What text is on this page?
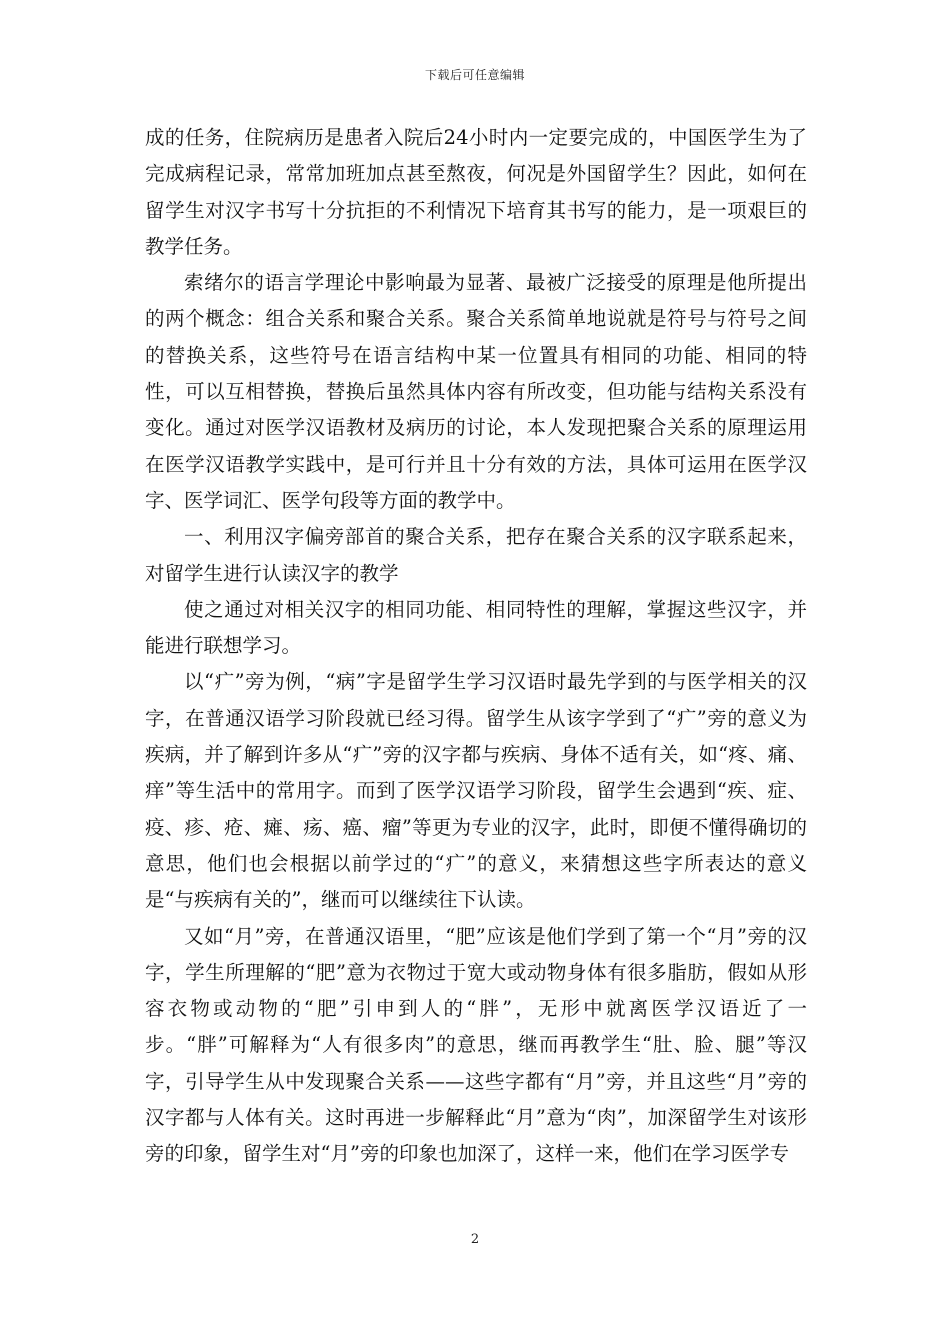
下载后可任意编辑

成的任务，住院病历是患者入院后24小时内一定要完成的，中国医学生为了完成病程记录，常常加班加点甚至熬夜，何况是外国留学生？因此，如何在留学生对汉字书写十分抗拒的不利情况下培育其书写的能力，是一项艰巨的教学任务。

索绪尔的语言学理论中影响最为显著、最被广泛接受的原理是他所提出的两个概念：组合关系和聚合关系。聚合关系简单地说就是符号与符号之间的替换关系，这些符号在语言结构中某一位置具有相同的功能、相同的特性，可以互相替换，替换后虽然具体内容有所改变，但功能与结构关系没有变化。通过对医学汉语教材及病历的讨论，本人发现把聚合关系的原理运用在医学汉语教学实践中，是可行并且十分有效的方法，具体可运用在医学汉字、医学词汇、医学句段等方面的教学中。

一、利用汉字偏旁部首的聚合关系，把存在聚合关系的汉字联系起来，对留学生进行认读汉字的教学

使之通过对相关汉字的相同功能、相同特性的理解，掌握这些汉字，并能进行联想学习。

以“疒”旁为例，“病”字是留学生学习汉语时最先学到的与医学相关的汉字，在普通汉语学习阶段就已经习得。留学生从该字学到了“疒”旁的意义为疾病，并了解到许多从“疒”旁的汉字都与疾病、身体不适有关，如“疼、痛、痒”等生活中的常用字。而到了医学汉语学习阶段，留学生会遇到“疾、症、疫、疹、疮、瘫、疡、癌、瘤”等更为专业的汉字，此时，即便不懂得确切的意思，他们也会根据以前学过的“疒”的意义，来猜想这些字所表达的意义是“与疾病有关的”，继而可以继续往下认读。

又如“月”旁，在普通汉语里，“肥”应该是他们学到了第一个“月”旁的汉字，学生所理解的“肥”意为衣物过于宽大或动物身体有很多脂肪，假如从形容衣物或动物的“肥”引申到人的“胖”，无形中就离医学汉语近了一步。“胖”可解释为“人有很多肉”的意思，继而再教学生“肚、脸、腿”等汉字，引导学生从中发现聚合关系——这些字都有“月”旁，并且这些“月”旁的汉字都与人体有关。这时再进一步解释此“月”意为“肉”，加深留学生对该形旁的印象，留学生对“月”旁的印象也加深了，这样一来，他们在学习医学专

2
